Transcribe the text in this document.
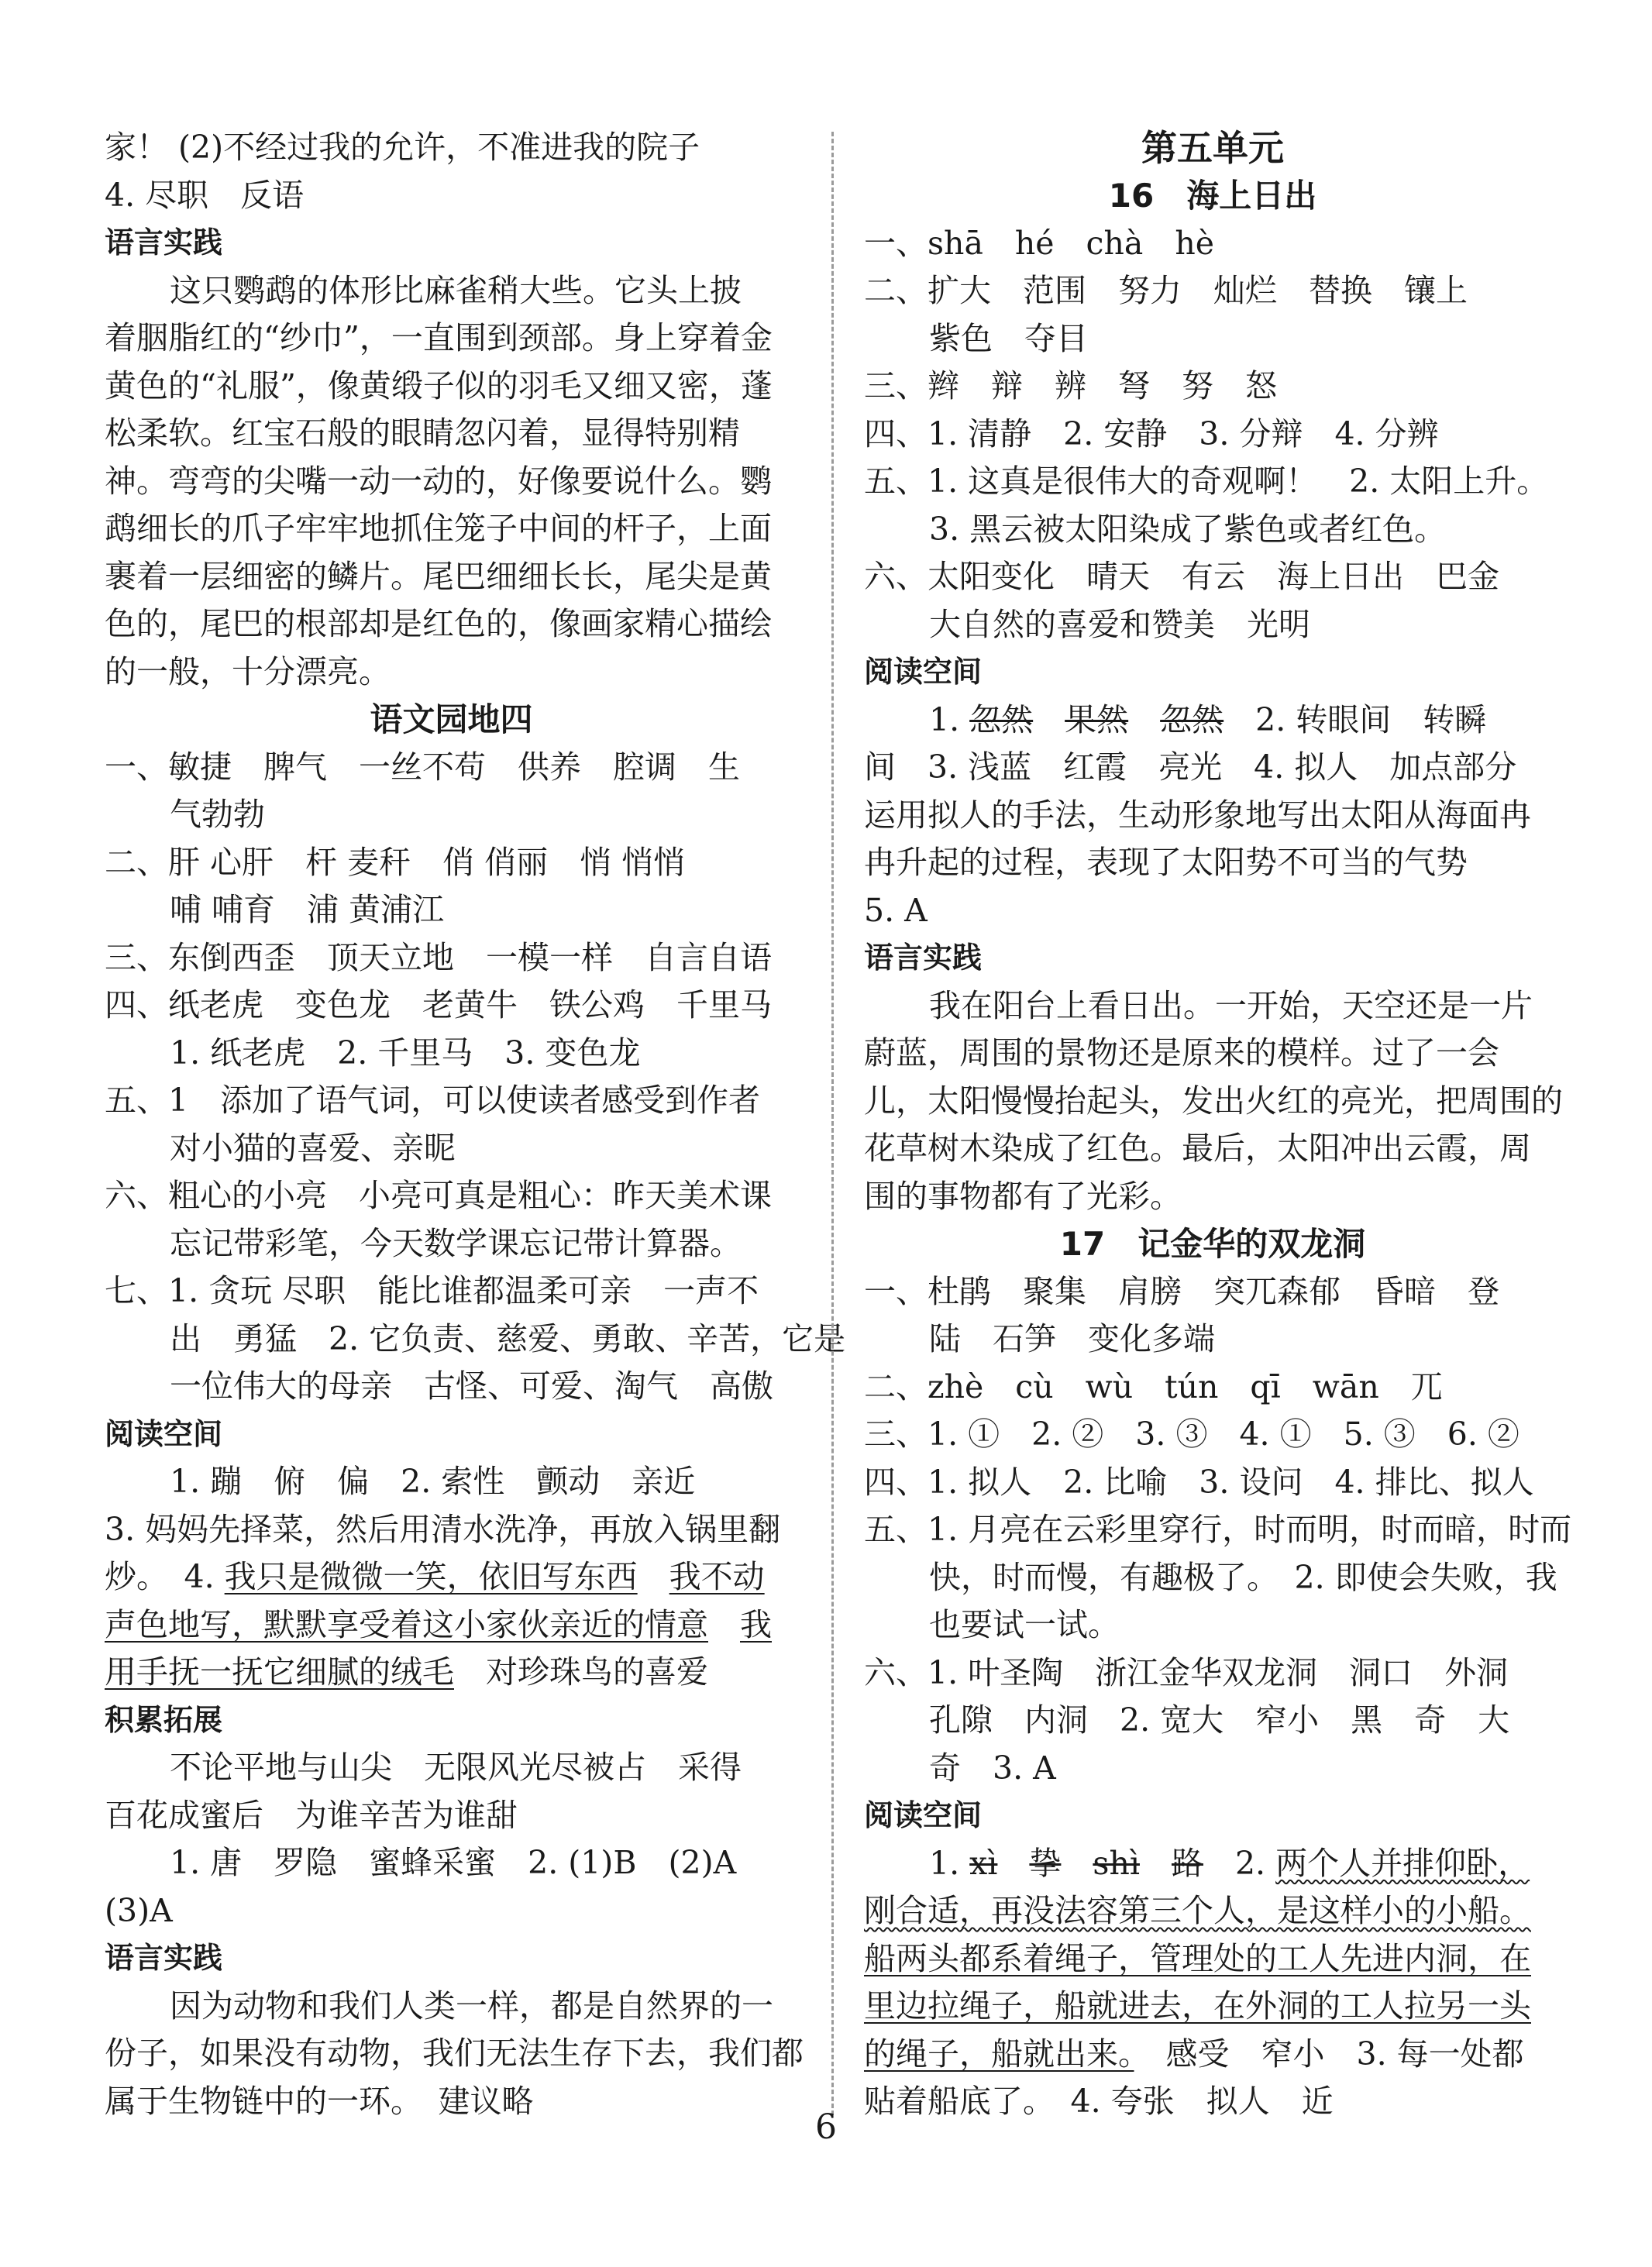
家！ (2)不经过我的允许，不准进我的院子
4. 尽职　反语
语言实践
这只鹦鹉的体形比麻雀稍大些。它头上披
着胭脂红的“纱巾”，一直围到颈部。身上穿着金
黄色的“礼服”，像黄缎子似的羽毛又细又密，蓬
松柔软。红宝石般的眼睛忽闪着，显得特别精
神。弯弯的尖嘴一动一动的，好像要说什么。鹦
鹉细长的爪子牢牢地抓住笼子中间的杆子，上面
裹着一层细密的鳞片。尾巴细细长长，尾尖是黄
色的，尾巴的根部却是红色的，像画家精心描绘
的一般，十分漂亮。
语文园地四
一、敏捷　脾气　一丝不苟　供养　腔调　生
气勃勃
二、肝 心肝　杆 麦秆　俏 俏丽　悄 悄悄
哺 哺育　浦 黄浦江
三、东倒西歪　顶天立地　一模一样　自言自语
四、纸老虎　变色龙　老黄牛　铁公鸡　千里马
1. 纸老虎　2. 千里马　3. 变色龙
五、1　添加了语气词，可以使读者感受到作者
对小猫的喜爱、亲昵
六、粗心的小亮　小亮可真是粗心：昨天美术课
忘记带彩笔，今天数学课忘记带计算器。
七、1. 贪玩 尽职　能比谁都温柔可亲　一声不
出　勇猛　2. 它负责、慈爱、勇敢、辛苦，它是
一位伟大的母亲　古怪、可爱、淘气　高傲
阅读空间
1. 蹦　俯　偏　2. 索性　颤动　亲近
3. 妈妈先择菜，然后用清水洗净，再放入锅里翻
炒。　4. 我只是微微一笑，依旧写东西　 我不动
声色地写，默默享受着这小家伙亲近的情意　 我
用手抚一抚它细腻的绒毛　对珍珠鸟的喜爱
积累拓展
不论平地与山尖　无限风光尽被占　采得
百花成蜜后　为谁辛苦为谁甜
1. 唐　罗隐　蜜蜂采蜜　2. (1)B　(2)A
(3)A
语言实践
因为动物和我们人类一样，都是自然界的一
份子，如果没有动物，我们无法生存下去，我们都
属于生物链中的一环。　建议略
第五单元
16　海上日出
一、shā　hé　chà　hè
二、扩大　范围　努力　灿烂　替换　镶上
紫色　夺目
三、辫　辩　辨　弩　努　怒
四、1. 清静　2. 安静　3. 分辩　4. 分辨
五、1. 这真是很伟大的奇观啊！　2. 太阳上升。
3. 黑云被太阳染成了紫色或者红色。
六、太阳变化　晴天　有云　海上日出　巴金
大自然的喜爱和赞美　光明
阅读空间
1. 忽然　 果然　 忽然　2. 转眼间　转瞬
间　3. 浅蓝　红霞　亮光　4. 拟人　加点部分
运用拟人的手法，生动形象地写出太阳从海面冉
冉升起的过程，表现了太阳势不可当的气势
5. A
语言实践
我在阳台上看日出。一开始，天空还是一片
蔚蓝，周围的景物还是原来的模样。过了一会
儿，太阳慢慢抬起头，发出火红的亮光，把周围的
花草树木染成了红色。最后，太阳冲出云霞，周
围的事物都有了光彩。
17　记金华的双龙洞
一、杜鹃　聚集　肩膀　突兀森郁　昏暗　登
陆　石笋　变化多端
二、zhè　cù　wù　tún　qī　wān　兀
三、1. ①　2. ②　3. ③　4. ①　5. ③　6. ②
四、1. 拟人　2. 比喻　3. 设问　4. 排比、拟人
五、1. 月亮在云彩里穿行，时而明，时而暗，时而
快，时而慢，有趣极了。　2. 即使会失败，我
也要试一试。
六、1. 叶圣陶　浙江金华双龙洞　洞口　外洞
孔隙　内洞　2. 宽大　窄小　黑　奇　大
奇　3. A
阅读空间
1. xì　 挚　 shì　 路　2. 两个人并排仰卧，
刚合适，再没法容第三个人，是这样小的小船。
船两头都系着绳子，管理处的工人先进内洞，在
里边拉绳子，船就进去，在外洞的工人拉另一头
的绳子，船就出来。　感受　窄小　3. 每一处都
贴着船底了。　4. 夸张　拟人　近
6
